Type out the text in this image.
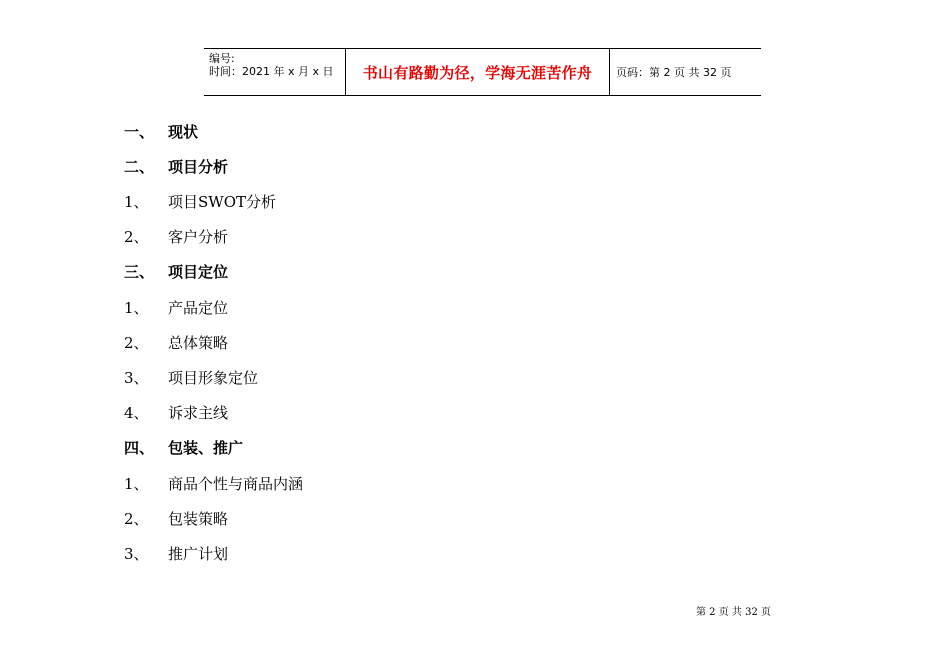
编号:
时间：2021 年 x 月 x 日	书山有路勤为径，学海无涯苦作舟	页码：第 2 页 共 32 页
一、 现状
二、 项目分析
1、	项目SWOT分析
2、	客户分析
三、 项目定位
1、	产品定位
2、	总体策略
3、	项目形象定位
4、	诉求主线
四、 包装、推广
1、	商品个性与商品内涵
2、	包装策略
3、	推广计划
第 2 页 共 32 页
